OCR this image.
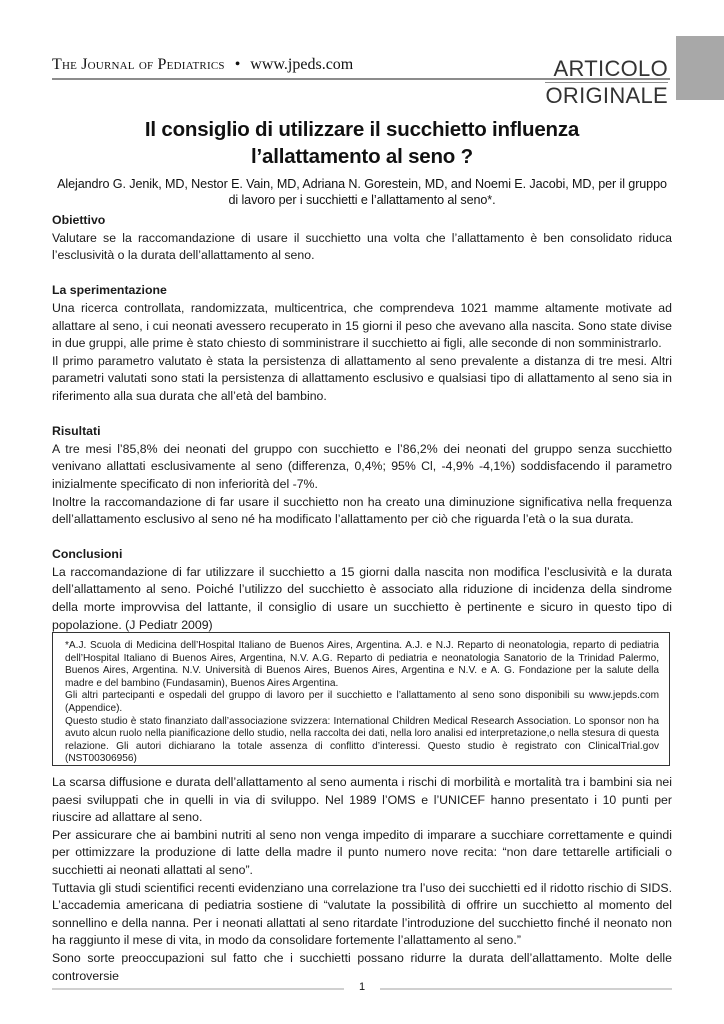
The Journal of Pediatrics • www.jpeds.com	ARTICOLO
ORIGINALE
Il consiglio di utilizzare il succhietto influenza
l’allattamento al seno ?
Alejandro G. Jenik, MD, Nestor E. Vain, MD, Adriana N. Gorestein, MD, and Noemi E. Jacobi, MD, per il gruppo
di lavoro per i succhietti e l’allattamento al seno*.
Obiettivo

Valutare se la raccomandazione di usare il succhietto una volta che l’allattamento è ben consolidato riduca l’esclusività o la durata dell’allattamento al seno.

La sperimentazione

Una ricerca controllata, randomizzata, multicentrica, che comprendeva 1021 mamme altamente motivate ad allattare al seno, i cui neonati avessero recuperato in 15 giorni il peso che avevano alla nascita. Sono state divise in due gruppi, alle prime è stato chiesto di somministrare il succhietto ai figli, alle seconde di non somministrarlo.

Il primo parametro valutato è stata la persistenza di allattamento al seno prevalente a distanza di tre mesi. Altri parametri valutati sono stati la persistenza di allattamento esclusivo e qualsiasi tipo di allattamento al seno sia in riferimento alla sua durata che all’età del bambino.

Risultati

A tre mesi l’85,8% dei neonati del gruppo con succhietto e l’86,2% dei neonati del gruppo senza succhietto venivano allattati esclusivamente al seno (differenza, 0,4%; 95% Cl, -4,9% -4,1%) soddisfacendo il parametro inizialmente specificato di non inferiorità del -7%.

Inoltre la raccomandazione di far usare il succhietto non ha creato una diminuzione significativa nella frequenza dell’allattamento esclusivo al seno né ha modificato l’allattamento per ciò che riguarda l’età o la sua durata.

Conclusioni

La raccomandazione di far utilizzare il succhietto a 15 giorni dalla nascita non modifica l’esclusività e la durata dell’allattamento al seno. Poiché l’utilizzo del succhietto è associato alla riduzione di incidenza della sindrome della morte improvvisa del lattante, il consiglio di usare un succhietto è pertinente e sicuro in questo tipo di popolazione. (J Pediatr 2009)

*A.J. Scuola di Medicina dell’Hospital Italiano de Buenos Aires, Argentina. A.J. e N.J. Reparto di neonatologia, reparto di pediatria dell’Hospital Italiano di Buenos Aires, Argentina, N.V. A.G. Reparto di pediatria e neonatologia Sanatorio de la Trinidad Palermo, Buenos Aires, Argentina. N.V. Università di Buenos Aires, Buenos Aires, Argentina e N.V. e A. G. Fondazione per la salute della madre e del bambino (Fundasamin), Buenos Aires Argentina.

Gli altri partecipanti e ospedali del gruppo di lavoro per il succhietto e l’allattamento al seno sono disponibili su www.jepds.com (Appendice).

Questo studio è stato finanziato dall’associazione svizzera: International Children Medical Research Association. Lo sponsor non ha avuto alcun ruolo nella pianificazione dello studio, nella raccolta dei dati, nella loro analisi ed interpretazione,o nella stesura di questa relazione. Gli autori dichiarano la totale assenza di conflitto d’interessi. Questo studio è registrato con ClinicalTrial.gov (NST00306956)

La scarsa diffusione e durata dell’allattamento al seno aumenta i rischi di morbilità e mortalità tra i bambini sia nei paesi sviluppati che in quelli in via di sviluppo. Nel 1989 l’OMS e l’UNICEF hanno presentato i 10 punti per riuscire ad allattare al seno.

Per assicurare che ai bambini nutriti al seno non venga impedito di imparare a succhiare correttamente e quindi per ottimizzare la produzione di latte della madre il punto numero nove recita: “non dare tettarelle artificiali o succhietti ai neonati allattati al seno”.

Tuttavia gli studi scientifici recenti evidenziano una correlazione tra l’uso dei succhietti ed il ridotto rischio di SIDS. L’accademia americana di pediatria sostiene di “valutate la possibilità di offrire un succhietto al momento del sonnellino e della nanna. Per i neonati allattati al seno ritardate l’introduzione del succhietto finché il neonato non ha raggiunto il mese di vita, in modo da consolidare fortemente l’allattamento al seno.”

Sono sorte preoccupazioni sul fatto che i succhietti possano ridurre la durata dell’allattamento. Molte delle controversie

1
